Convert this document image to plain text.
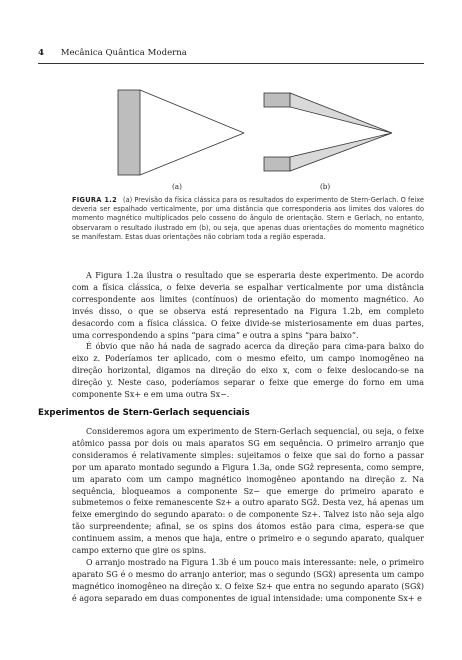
4 Mecânica Quântica Moderna
(a)	(b)
FIGURA 1.2 (a) Previsão da física clássica para os resultados do experimento de Stern-Gerlach. O feixe deveria ser espalhado verticalmente, por uma distância que corresponderia aos limites dos valores do momento magnético multiplicados pelo cosseno do ângulo de orientação. Stern e Gerlach, no entanto, observaram o resultado ilustrado em (b), ou seja, que apenas duas orientações do momento magnético se manifestam. Estas duas orientações não cobriam toda a região esperada.

A Figura 1.2a ilustra o resultado que se esperaria deste experimento. De acordo com a física clássica, o feixe deveria se espalhar verticalmente por uma distância correspondente aos limites (contínuos) de orientação do momento magnético. Ao invés disso, o que se observa está representado na Figura 1.2b, em completo desacordo com a física clássica. O feixe divide-se misteriosamente em duas partes, uma correspondendo a spins “para cima” e outra a spins “para baixo”.

É óbvio que não há nada de sagrado acerca da direção para cima-para baixo do eixo z. Poderíamos ter aplicado, com o mesmo efeito, um campo inomogêneo na direção horizontal, digamos na direção do eixo x, com o feixe deslocando-se na direção y. Neste caso, poderíamos separar o feixe que emerge do forno em uma componente Sx+ e em uma outra Sx−.

Experimentos de Stern-Gerlach sequenciais

Consideremos agora um experimento de Stern-Gerlach sequencial, ou seja, o feixe atômico passa por dois ou mais aparatos SG em sequência. O primeiro arranjo que consideramos é relativamente simples: sujeitamos o feixe que sai do forno a passar por um aparato montado segundo a Figura 1.3a, onde SGẑ representa, como sempre, um aparato com um campo magnético inomogêneo apontando na direção z. Na sequência, bloqueamos a componente Sz− que emerge do primeiro aparato e submetemos o feixe remanescente Sz+ a outro aparato SGẑ. Desta vez, há apenas um feixe emergindo do segundo aparato: o de componente Sz+. Talvez isto não seja algo tão surpreendente; afinal, se os spins dos átomos estão para cima, espera-se que continuem assim, a menos que haja, entre o primeiro e o segundo aparato, qualquer campo externo que gire os spins.

O arranjo mostrado na Figura 1.3b é um pouco mais interessante: nele, o primeiro aparato SG é o mesmo do arranjo anterior, mas o segundo (SGx̂) apresenta um campo magnético inomogêneo na direção x. O feixe Sz+ que entra no segundo aparato (SGx̂) é agora separado em duas componentes de igual intensidade: uma componente Sx+ e
